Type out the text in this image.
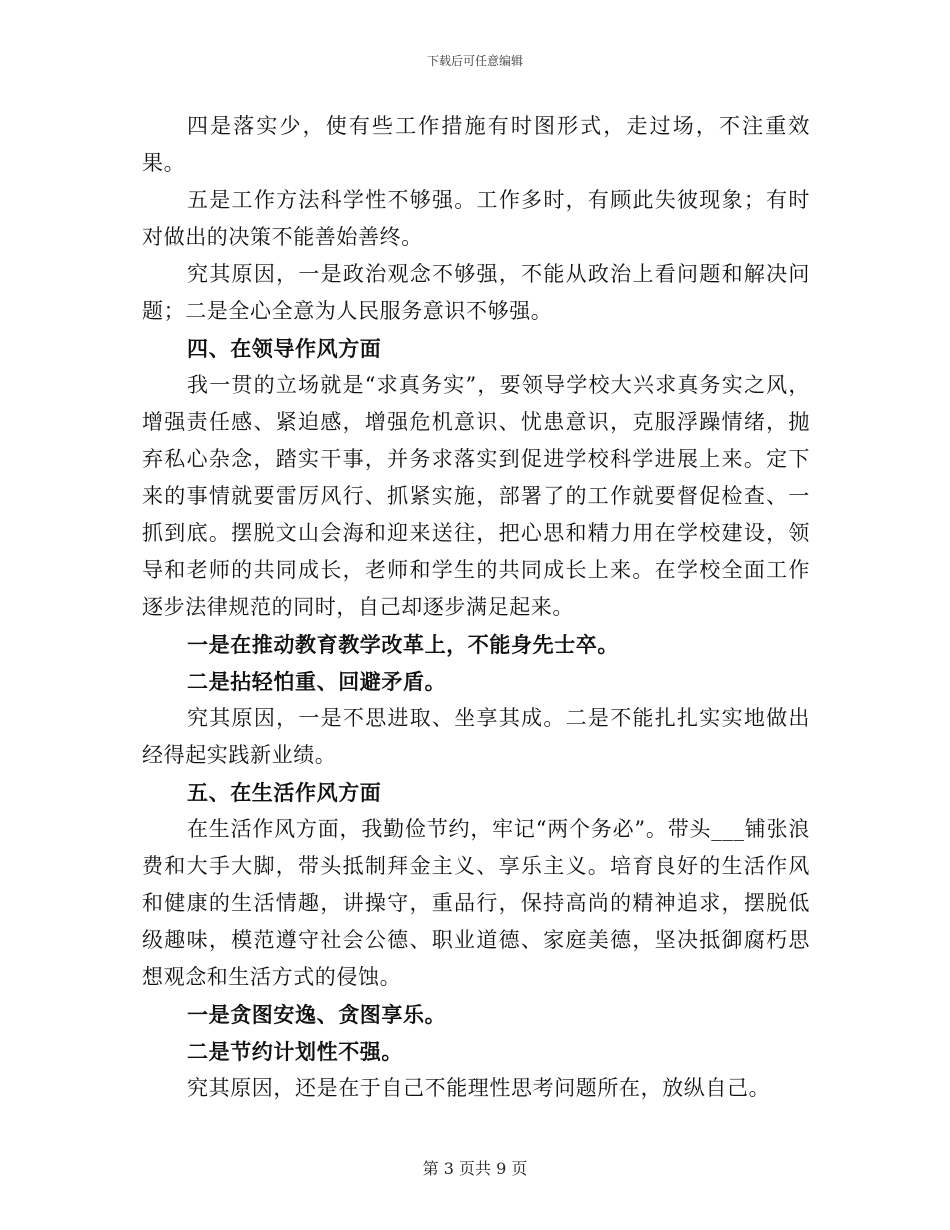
下载后可任意编辑

四是落实少，使有些工作措施有时图形式，走过场，不注重效果。

五是工作方法科学性不够强。工作多时，有顾此失彼现象；有时对做出的决策不能善始善终。

究其原因，一是政治观念不够强，不能从政治上看问题和解决问题；二是全心全意为人民服务意识不够强。

四、在领导作风方面

我一贯的立场就是“求真务实”，要领导学校大兴求真务实之风，增强责任感、紧迫感，增强危机意识、忧患意识，克服浮躁情绪，抛弃私心杂念，踏实干事，并务求落实到促进学校科学进展上来。定下来的事情就要雷厉风行、抓紧实施，部署了的工作就要督促检查、一抓到底。摆脱文山会海和迎来送往，把心思和精力用在学校建设，领导和老师的共同成长，老师和学生的共同成长上来。在学校全面工作逐步法律规范的同时，自己却逐步满足起来。

一是在推动教育教学改革上，不能身先士卒。

二是拈轻怕重、回避矛盾。

究其原因，一是不思进取、坐享其成。二是不能扎扎实实地做出经得起实践新业绩。

五、在生活作风方面

在生活作风方面，我勤俭节约，牢记“两个务必”。带头___铺张浪费和大手大脚，带头抵制拜金主义、享乐主义。培育良好的生活作风和健康的生活情趣，讲操守，重品行，保持高尚的精神追求，摆脱低级趣味，模范遵守社会公德、职业道德、家庭美德，坚决抵御腐朽思想观念和生活方式的侵蚀。

一是贪图安逸、贪图享乐。

二是节约计划性不强。

究其原因，还是在于自己不能理性思考问题所在，放纵自己。

第 3 页共 9 页
